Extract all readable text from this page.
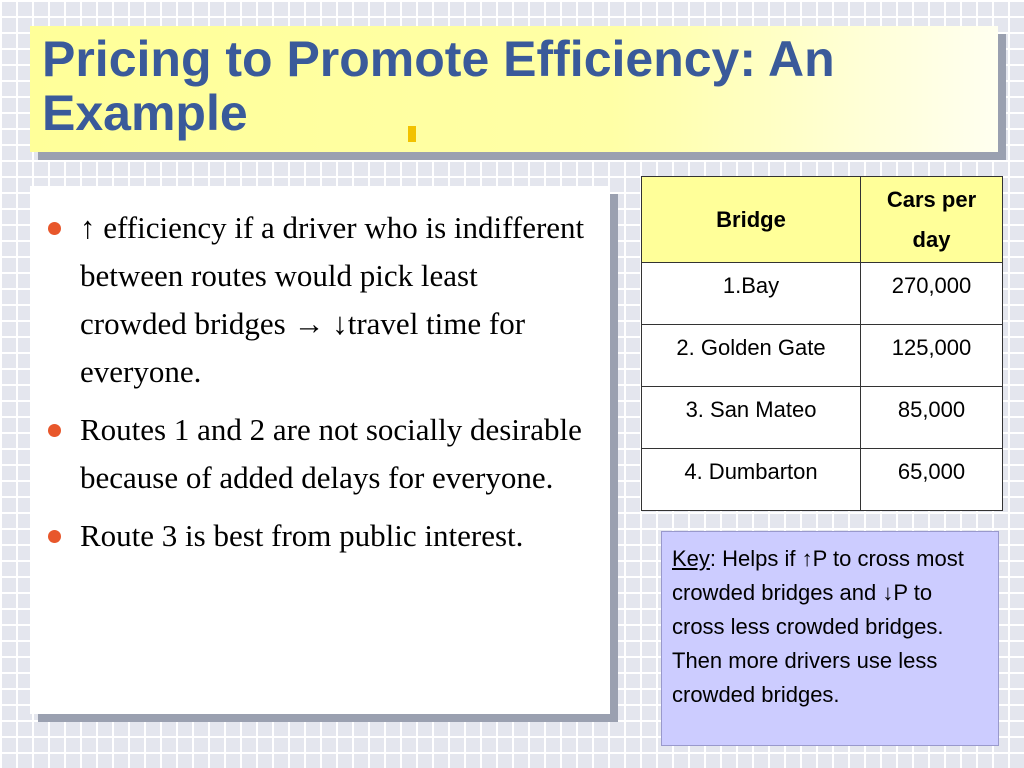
Pricing to Promote Efficiency: An Example
↑ efficiency if a driver who is indifferent between routes would pick least crowded bridges → ↓travel time for everyone.
Routes 1 and 2 are not socially desirable because of added delays for everyone.
Route 3 is best from public interest.
Bridge	Cars per day
1.Bay	270,000
2. Golden Gate	125,000
3. San Mateo	85,000
4. Dumbarton	65,000
Key: Helps if ↑P to cross most crowded bridges and ↓P to cross less crowded bridges. Then more drivers use less crowded bridges.
